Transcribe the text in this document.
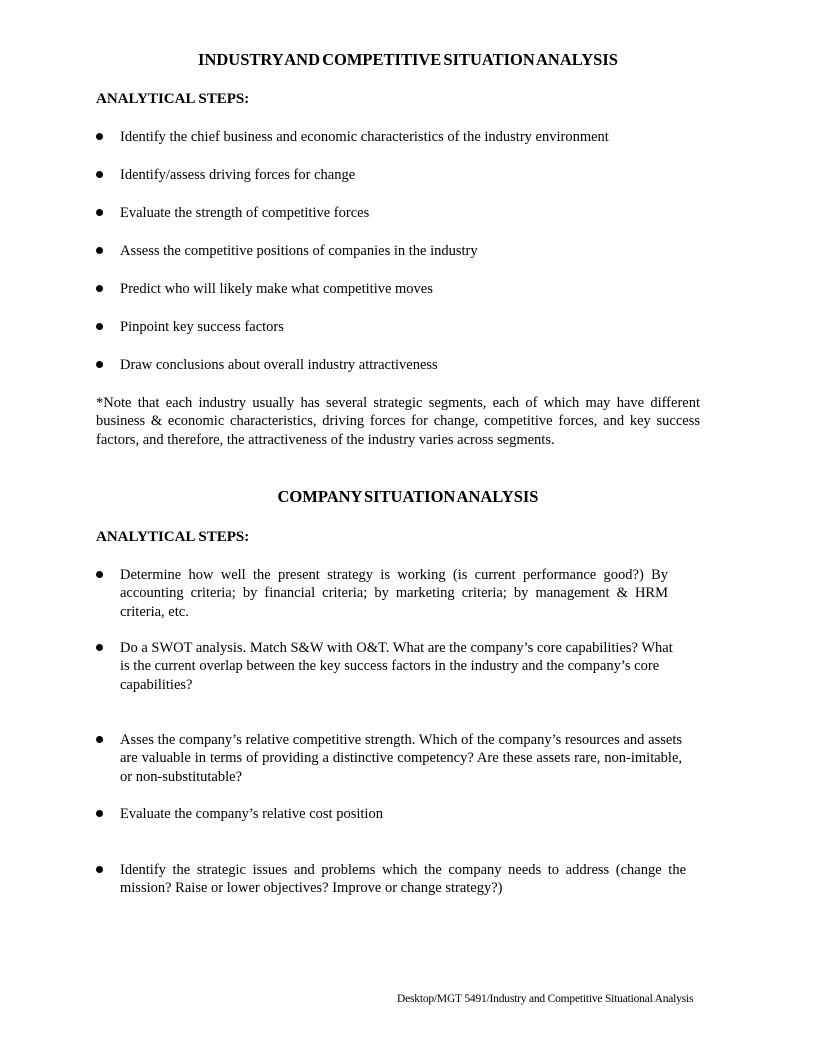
INDUSTRY AND COMPETITIVE SITUATION ANALYSIS
ANALYTICAL STEPS:
Identify the chief business and economic characteristics of the industry environment
Identify/assess driving forces for change
Evaluate the strength of competitive forces
Assess the competitive positions of companies in the industry
Predict who will likely make what competitive moves
Pinpoint key success factors
Draw conclusions about overall industry attractiveness
*Note that each industry usually has several strategic segments, each of which may have different business & economic characteristics, driving forces for change, competitive forces, and key success factors, and therefore, the attractiveness of the industry varies across segments.
COMPANY SITUATION ANALYSIS
ANALYTICAL STEPS:
Determine how well the present strategy is working (is current performance good?) By accounting criteria; by financial criteria; by marketing criteria; by management & HRM criteria, etc.
Do a SWOT analysis. Match S&W with O&T. What are the company’s core capabilities? What is the current overlap between the key success factors in the industry and the company’s core capabilities?
Asses the company’s relative competitive strength. Which of the company’s resources and assets are valuable in terms of providing a distinctive competency? Are these assets rare, non-imitable, or non-substitutable?
Evaluate the company’s relative cost position
Identify the strategic issues and problems which the company needs to address (change the mission? Raise or lower objectives? Improve or change strategy?)
Desktop/MGT 5491/Industry and Competitive Situational Analysis
